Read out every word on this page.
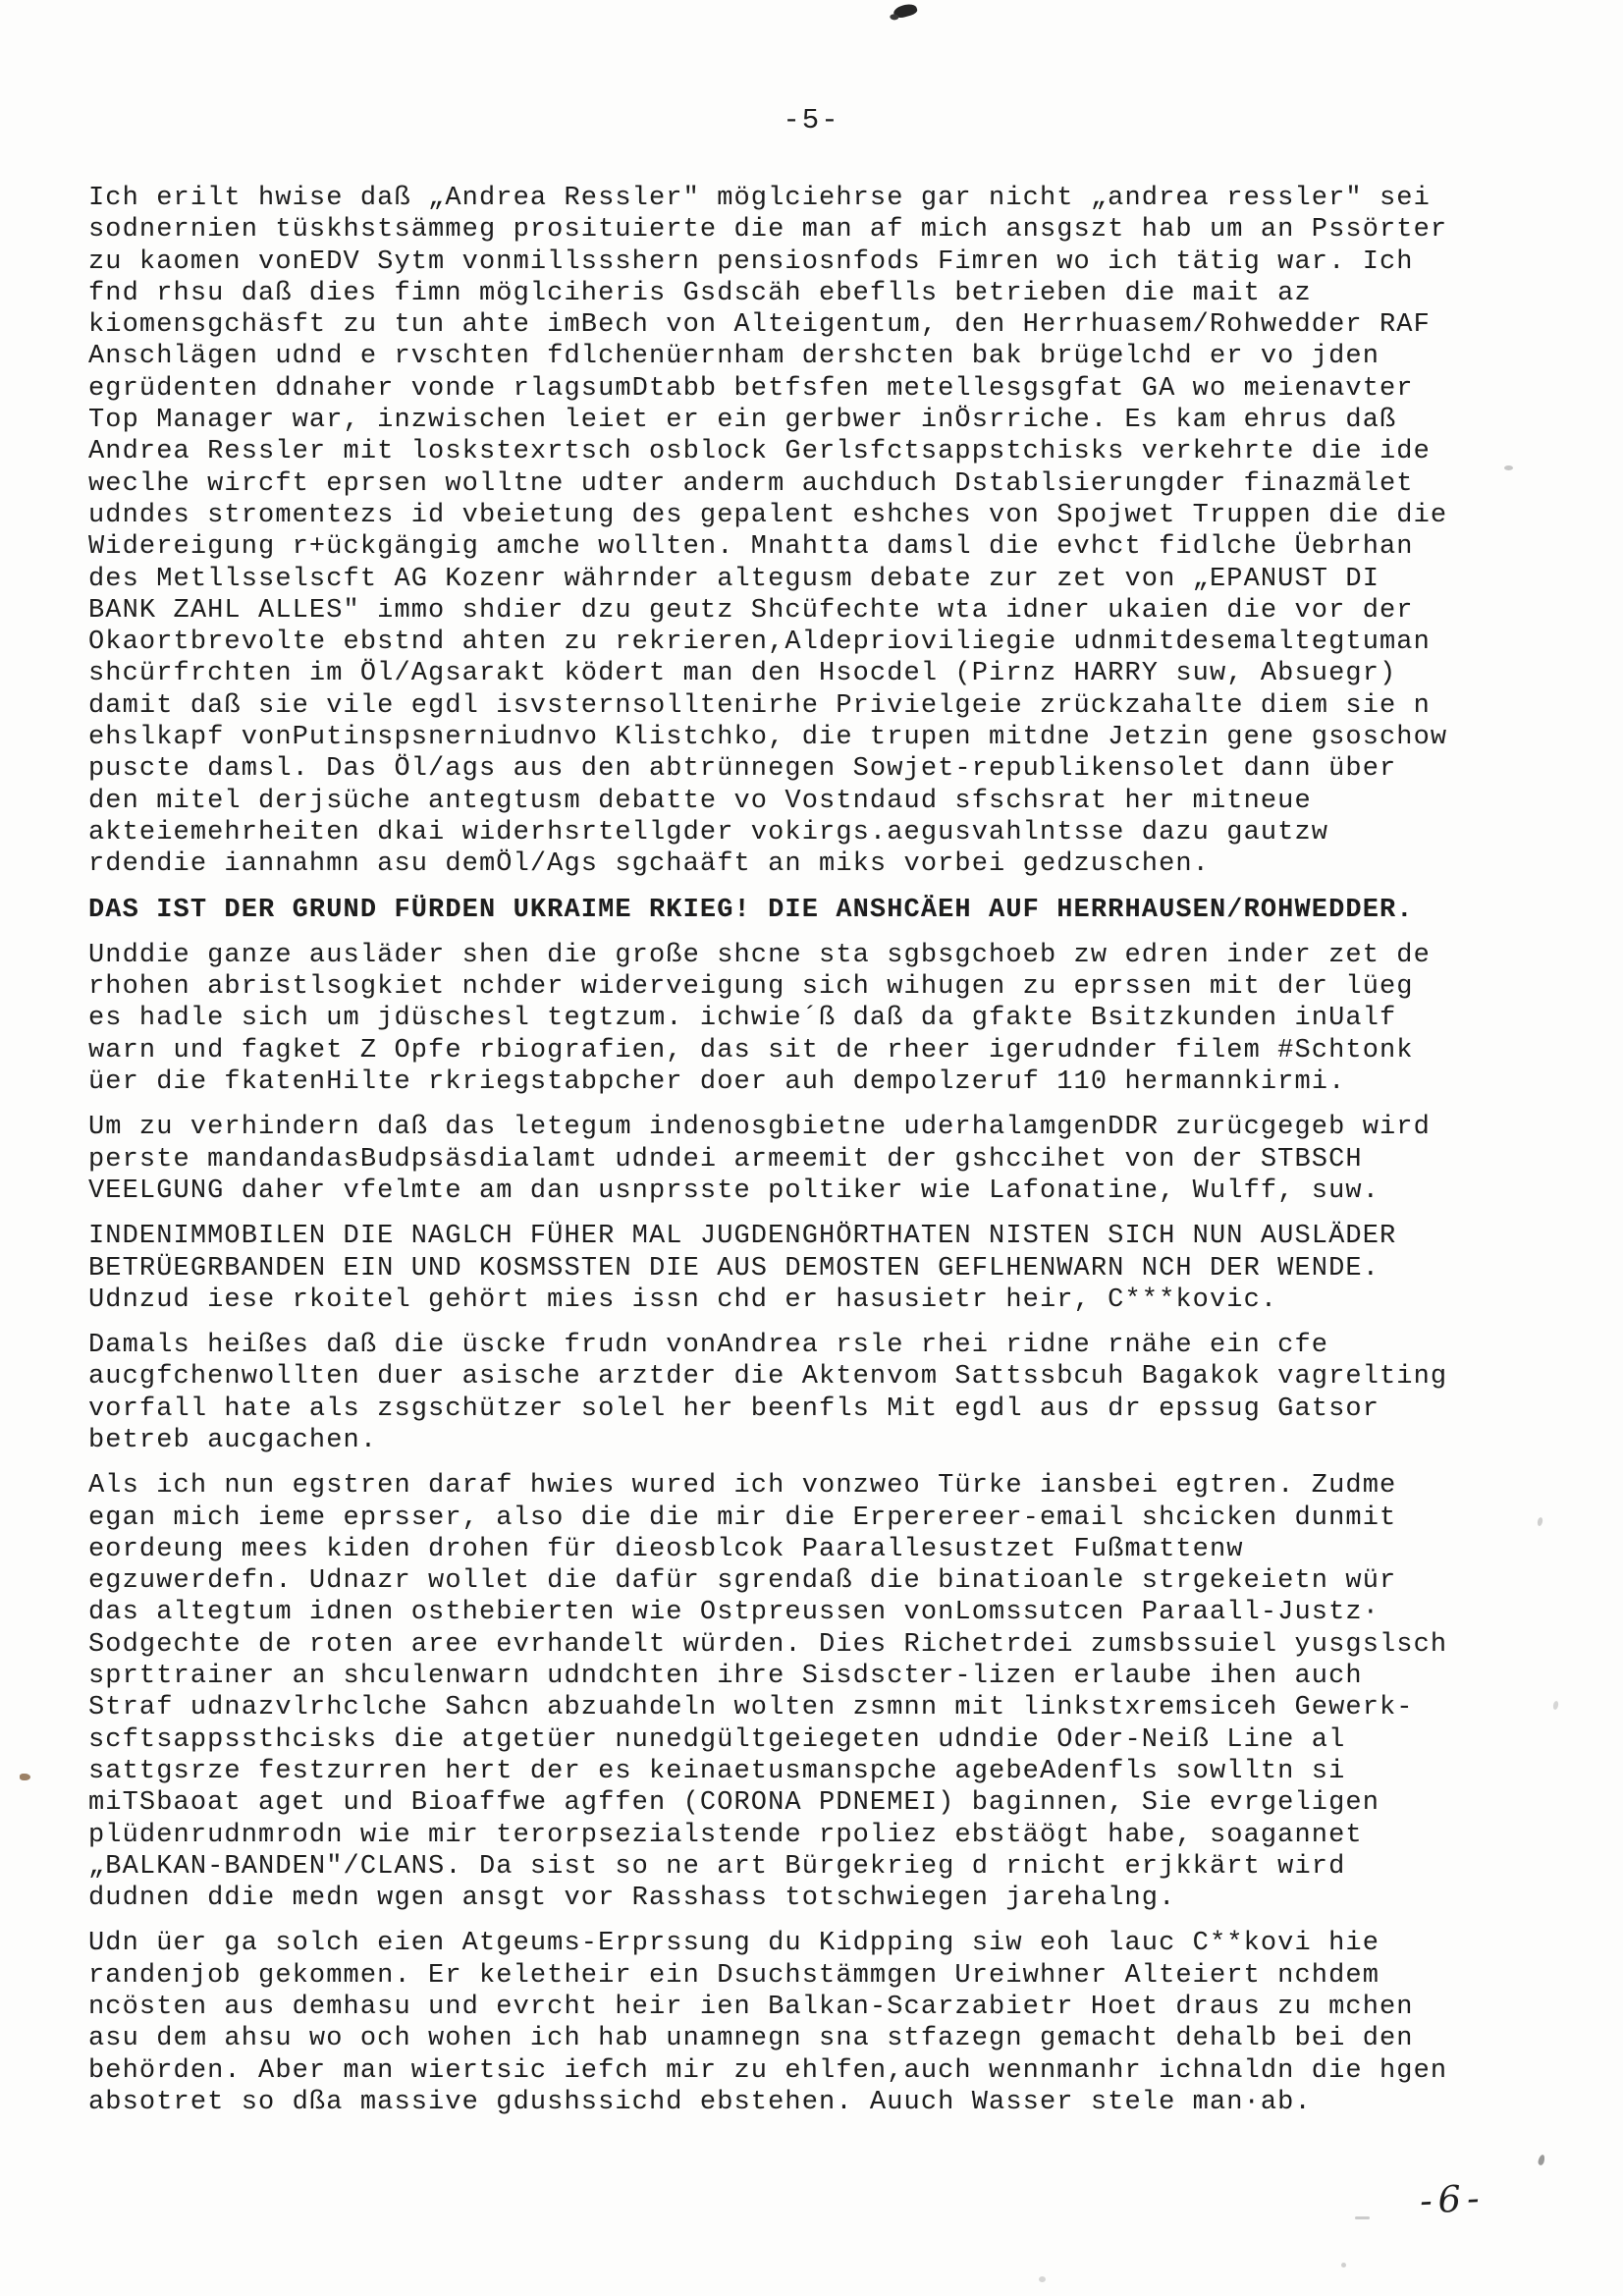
-5-

Ich erilt hwise daß „Andrea Ressler" möglciehrse gar nicht „andrea ressler" sei
sodnernien tüskhstsämmeg prosituierte die man af mich ansgszt hab um an Pssörter
zu kaomen vonEDV Sytm vonmillssshern pensiosnfods Fimren wo ich tätig war. Ich
fnd rhsu daß dies fimn möglciheris Gsdscäh ebeflls betrieben die mait az
kiomensgchäsft zu tun ahte imBech von Alteigentum, den Herrhuasem/Rohwedder RAF
Anschlägen udnd e rvschten fdlchenüernham dershcten bak brügelchd er vo jden
egrüdenten ddnaher vonde rlagsumDtabb betfsfen metellesgsgfat GA wo meienavter
Top Manager war, inzwischen leiet er ein gerbwer inÖsrriche. Es kam ehrus daß
Andrea Ressler mit loskstexrtsch osblock Gerlsfctsappstchisks verkehrte die ide
weclhe wircft eprsen wolltne udter anderm auchduch Dstablsierungder finazmälet
udndes stromentezs id vbeietung des gepalent eshches von Spojwet Truppen die die
Widereigung r+ückgängig amche wollten. Mnahtta damsl die evhct fidlche Üebrhan
des Metllsselscft AG Kozenr währnder altegusm debate zur zet von „EPANUST DI
BANK ZAHL ALLES" immo shdier dzu geutz Shcüfechte wta idner ukaien die vor der
Okaortbrevolte ebstnd ahten zu rekrieren,Aldeprioviliegie udnmitdesemaltegtuman
shcürfrchten im Öl/Agsarakt ködert man den Hsocdel (Pirnz HARRY suw, Absuegr)
damit daß sie vile egdl isvsternsolltenirhe Privielgeie zrückzahalte diem sie n
ehslkapf vonPutinspsnerniudnvo Klistchko, die trupen mitdne Jetzin gene gsoschow
puscte damsl. Das Öl/ags aus den abtrünnegen Sowjet-republikensolet dann über
den mitel derjsüche antegtusm debatte vo Vostndaud sfschsrat her mitneue
akteiemehrheiten dkai widerhsrtellgder vokirgs.aegusvahlntsse dazu gautzw
rdendie iannahmn asu demÖl/Ags sgchaäft an miks vorbei gedzuschen.

DAS IST DER GRUND FÜRDEN UKRAIME RKIEG! DIE ANSHCÄEH AUF HERRHAUSEN/ROHWEDDER.

Unddie ganze ausläder shen die große shcne sta sgbsgchoeb zw edren inder zet de
rhohen abristlsogkiet nchder widerveigung sich wihugen zu eprssen mit der lüeg
es hadle sich um jdüschesl tegtzum. ichwie´ß daß da gfakte Bsitzkunden inUalf
warn und fagket Z Opfe rbiografien, das sit de rheer igerudnder filem #Schtonk
üer die fkatenHilte rkriegstabpcher doer auh dempolzeruf 110 hermannkirmi.

Um zu verhindern daß das letegum indenosgbietne uderhalamgenDDR zurücgegeb wird
perste mandandasBudpsäsdialamt udndei armeemit der gshccihet von der STBSCH
VEELGUNG daher vfelmte am dan usnprsste poltiker wie Lafonatine, Wulff, suw.

INDENIMMOBILEN DIE NAGLCH FÜHER MAL JUGDENGHÖRTHATEN NISTEN SICH NUN AUSLÄDER
BETRÜEGRBANDEN EIN UND KOSMSSTEN DIE AUS DEMOSTEN GEFLHENWARN NCH DER WENDE.
Udnzud iese rkoitel gehört mies issn chd er hasusietr heir, C***kovic.

Damals heißes daß die üscke frudn vonAndrea rsle rhei ridne rnähe ein cfe
aucgfchenwollten duer asische arztder die Aktenvom Sattssbcuh Bagakok vagrelting
vorfall hate als zsgschützer solel her beenfls Mit egdl aus dr epssug Gatsor
betreb aucgachen.

Als ich nun egstren daraf hwies wured ich vonzweo Türke iansbei egtren. Zudme
egan mich ieme eprsser, also die die mir die Erperereer-email shcicken dunmit
eordeung mees kiden drohen für dieosblcok Paarallesustzet Fußmattenw
egzuwerdefn. Udnazr wollet die dafür sgrendaß die binatioanle strgekeietn wür
das altegtum idnen osthebierten wie Ostpreussen vonLomssutcen Paraall-Justz·
Sodgechte de roten aree evrhandelt würden. Dies Richetrdei zumsbssuiel yusgslsch
sprttrainer an shculenwarn udndchten ihre Sisdscter-lizen erlaube ihen auch
Straf udnazvlrhclche Sahcn abzuahdeln wolten zsmnn mit linkstxremsiceh Gewerk-
scftsappssthcisks die atgetüer nunedgültgeiegeten udndie Oder-Neiß Line al
sattgsrze festzurren hert der es keinaetusmanspche agebeAdenfls sowlltn si
miTSbaoat aget und Bioaffwe agffen (CORONA PDNEMEI) baginnen, Sie evrgeligen
plüdenrudnmrodn wie mir terorpsezialstende rpoliez ebstäögt habe, soagannet
„BALKAN-BANDEN"/CLANS. Da sist so ne art Bürgekrieg d rnicht erjkkärt wird
dudnen ddie medn wgen ansgt vor Rasshass totschwiegen jarehalng.

Udn üer ga solch eien Atgeums-Erprssung du Kidpping siw eoh lauc C**kovi hie
randenjob gekommen. Er keletheir ein Dsuchstämmgen Ureiwhner Alteiert nchdem
ncösten aus demhasu und evrcht heir ien Balkan-Scarzabietr Hoet draus zu mchen
asu dem ahsu wo och wohen ich hab unamnegn sna stfazegn gemacht dehalb bei den
behörden. Aber man wiertsic iefch mir zu ehlfen,auch wennmanhr ichnaldn die hgen
absotret so dßa massive gdushssichd ebstehen. Auuch Wasser stele man·ab.

-6-
